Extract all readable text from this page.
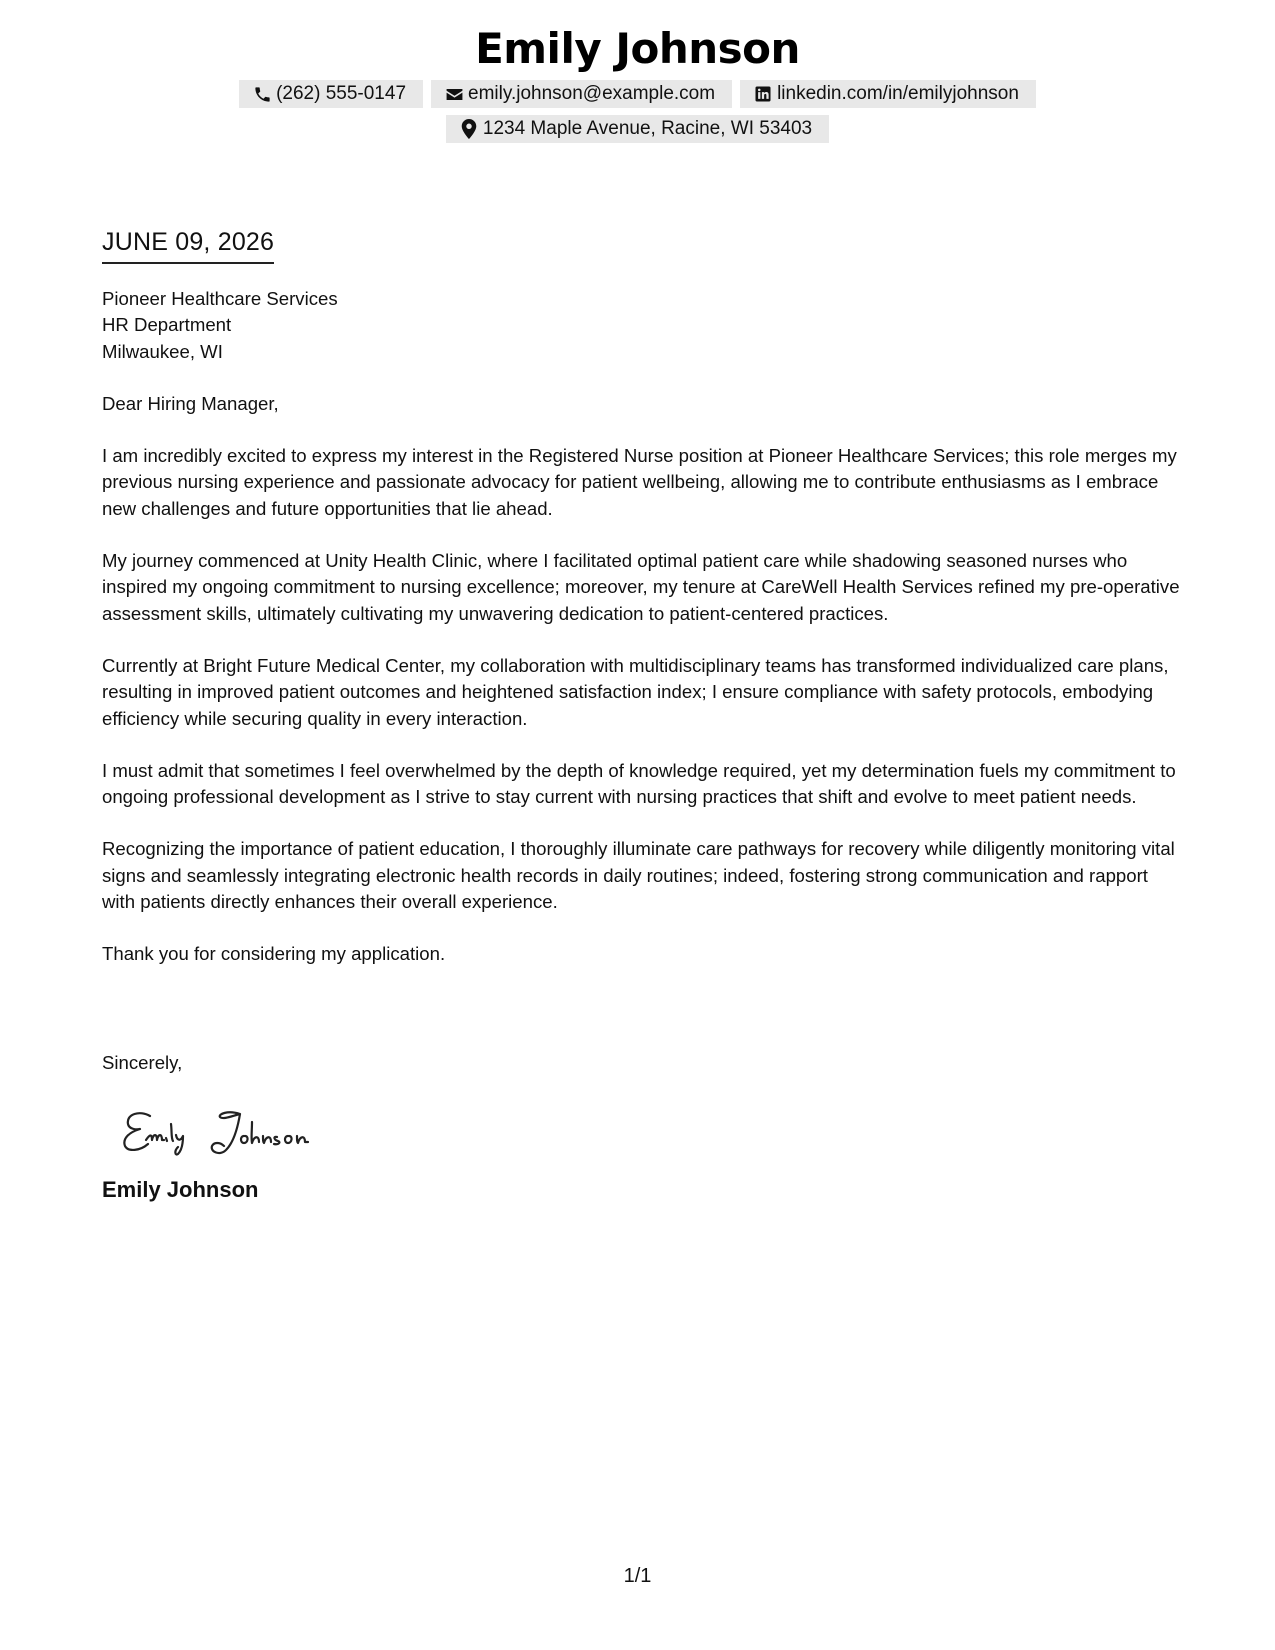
Emily Johnson
(262) 555-0147	emily.johnson@example.com	linkedin.com/in/emilyjohnson
1234 Maple Avenue, Racine, WI 53403
JUNE 09, 2026
Pioneer Healthcare Services
HR Department
Milwaukee, WI

Dear Hiring Manager,

I am incredibly excited to express my interest in the Registered Nurse position at Pioneer Healthcare Services; this role merges my previous nursing experience and passionate advocacy for patient wellbeing, allowing me to contribute enthusiasms as I embrace new challenges and future opportunities that lie ahead.

My journey commenced at Unity Health Clinic, where I facilitated optimal patient care while shadowing seasoned nurses who inspired my ongoing commitment to nursing excellence; moreover, my tenure at CareWell Health Services refined my pre-operative assessment skills, ultimately cultivating my unwavering dedication to patient-centered practices.

Currently at Bright Future Medical Center, my collaboration with multidisciplinary teams has transformed individualized care plans, resulting in improved patient outcomes and heightened satisfaction index; I ensure compliance with safety protocols, embodying efficiency while securing quality in every interaction.

I must admit that sometimes I feel overwhelmed by the depth of knowledge required, yet my determination fuels my commitment to ongoing professional development as I strive to stay current with nursing practices that shift and evolve to meet patient needs.

Recognizing the importance of patient education, I thoroughly illuminate care pathways for recovery while diligently monitoring vital signs and seamlessly integrating electronic health records in daily routines; indeed, fostering strong communication and rapport with patients directly enhances their overall experience.

Thank you for considering my application.

Sincerely,
Emily Johnson
1/1
